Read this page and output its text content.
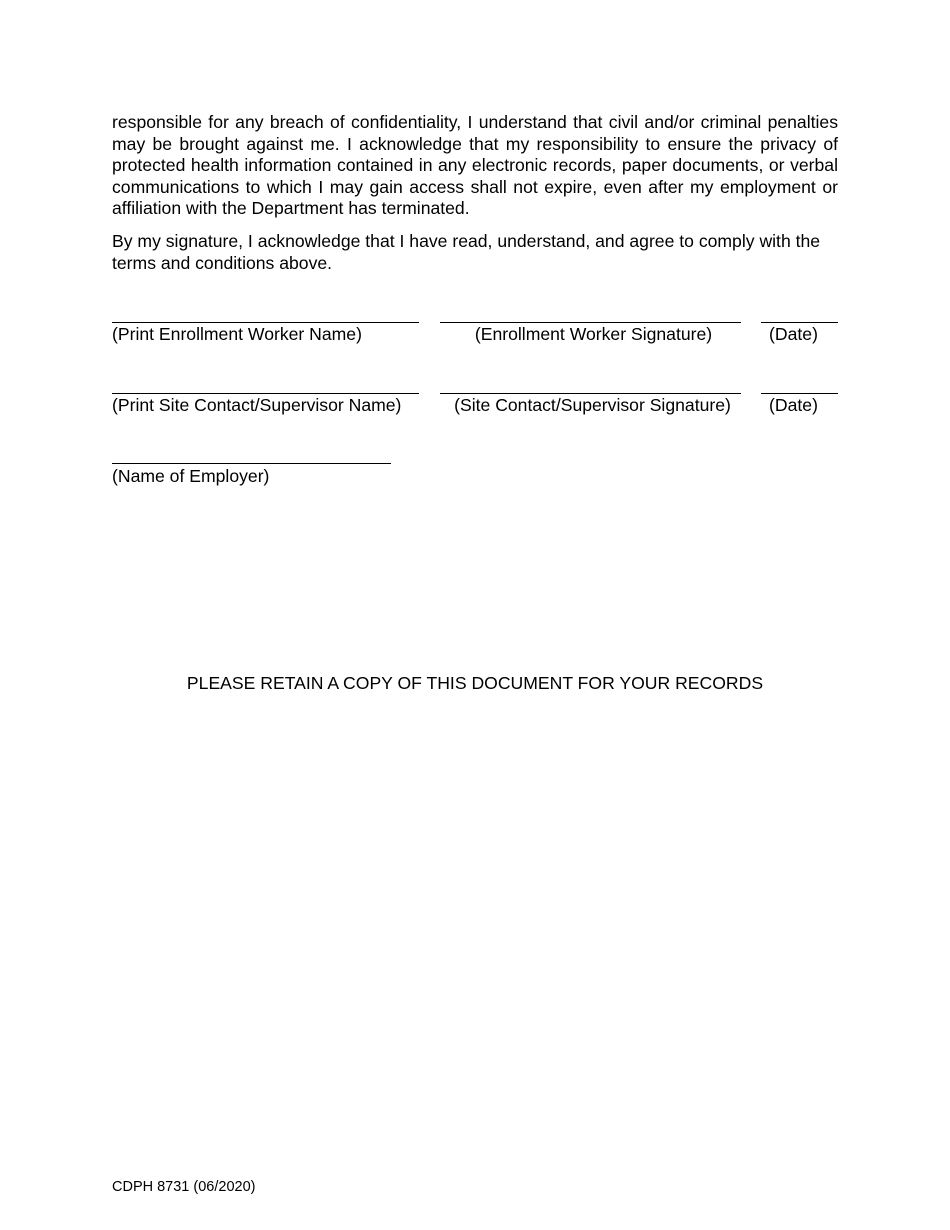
responsible for any breach of confidentiality, I understand that civil and/or criminal penalties may be brought against me. I acknowledge that my responsibility to ensure the privacy of protected health information contained in any electronic records, paper documents, or verbal communications to which I may gain access shall not expire, even after my employment or affiliation with the Department has terminated.

By my signature, I acknowledge that I have read, understand, and agree to comply with the terms and conditions above.

(Print Enrollment Worker Name)	(Enrollment Worker Signature)	(Date)

(Print Site Contact/Supervisor Name)	(Site Contact/Supervisor Signature)	(Date)

(Name of Employer)

PLEASE RETAIN A COPY OF THIS DOCUMENT FOR YOUR RECORDS

CDPH 8731 (06/2020)
